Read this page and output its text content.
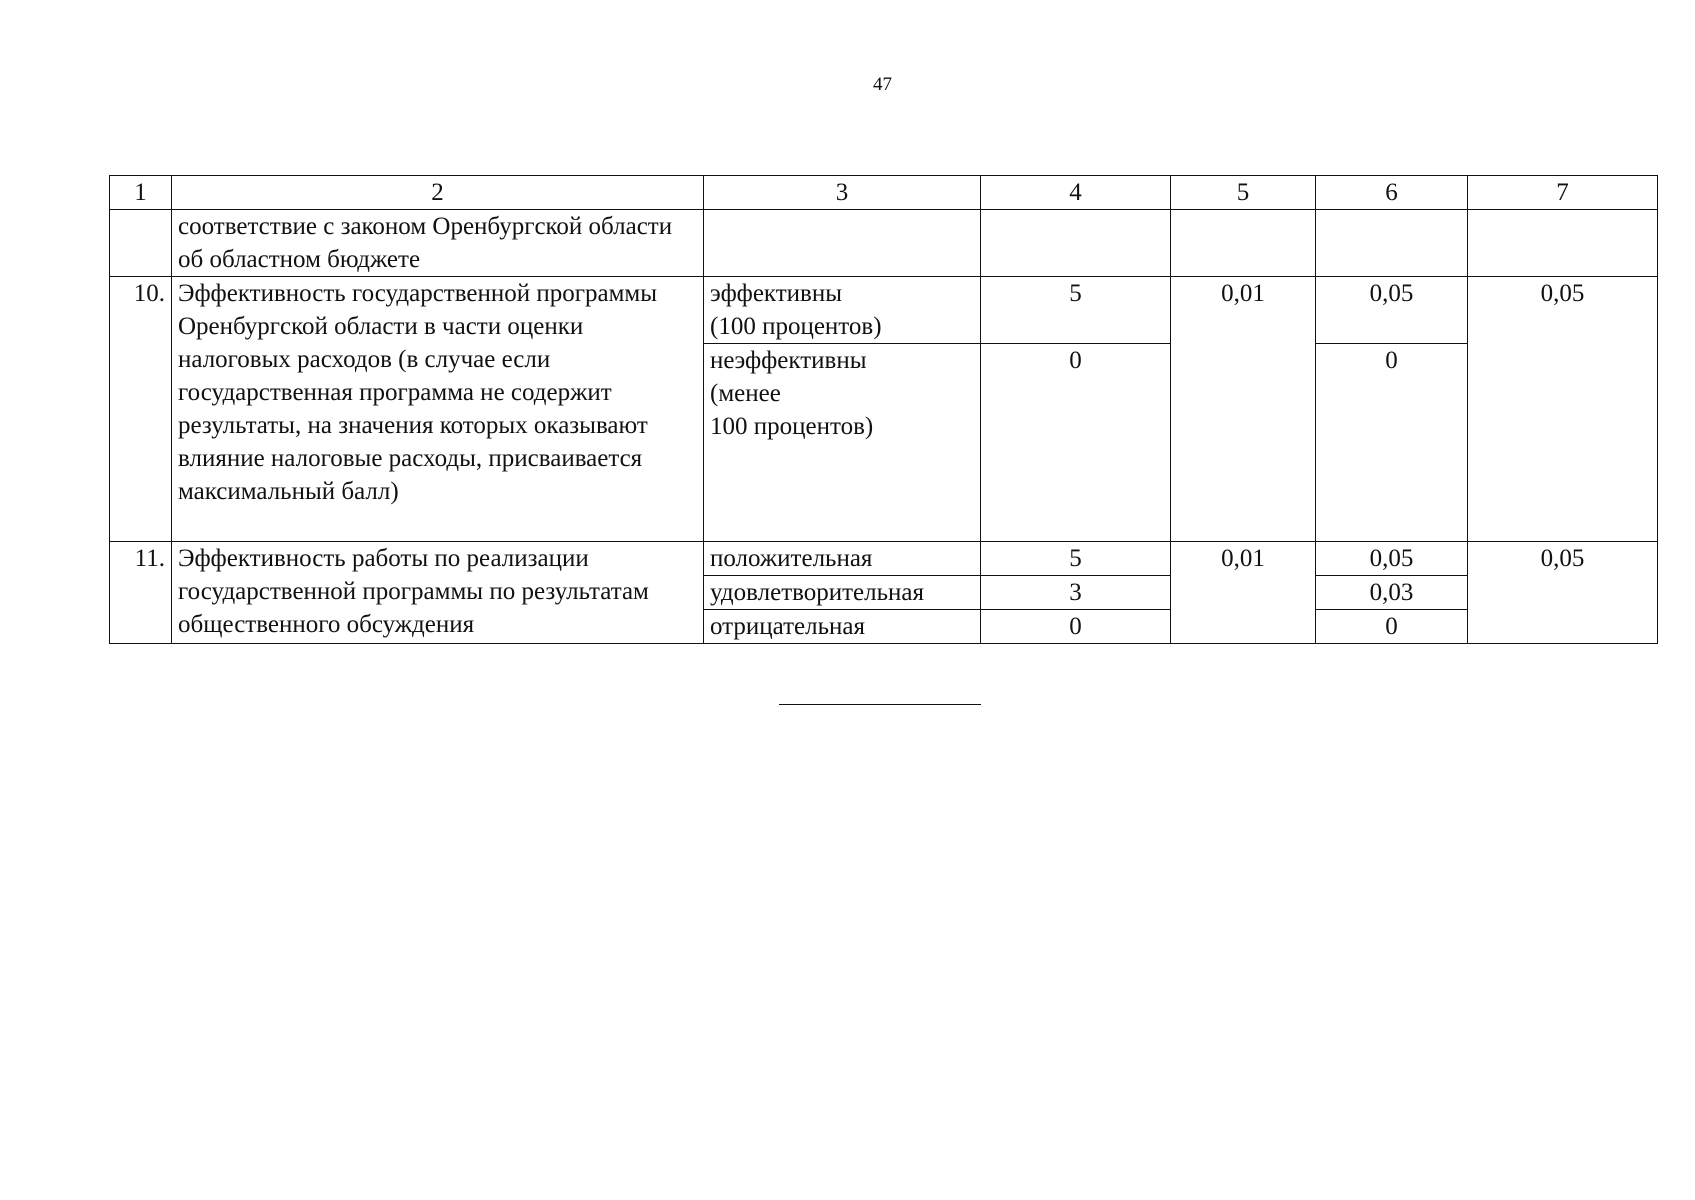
47
1	2	3	4	5	6	7
	соответствие с законом Оренбургской области об областном бюджете					
10.	Эффективность государственной программы Оренбургской области в части оценки налоговых расходов (в случае если государственная программа не содержит результаты, на значения которых оказывают влияние налоговые расходы, присваивается максимальный балл)	эффективны
(100 процентов)	5	0,01	0,05	0,05

		неэффективны
(менее
100 процентов)	0		0	
11.	Эффективность работы по реализации государственной программы по результатам общественного обсуждения	положительная	5	0,01	0,05	0,05
		удовлетворительная	3		0,03	
		отрицательная	0		0	
